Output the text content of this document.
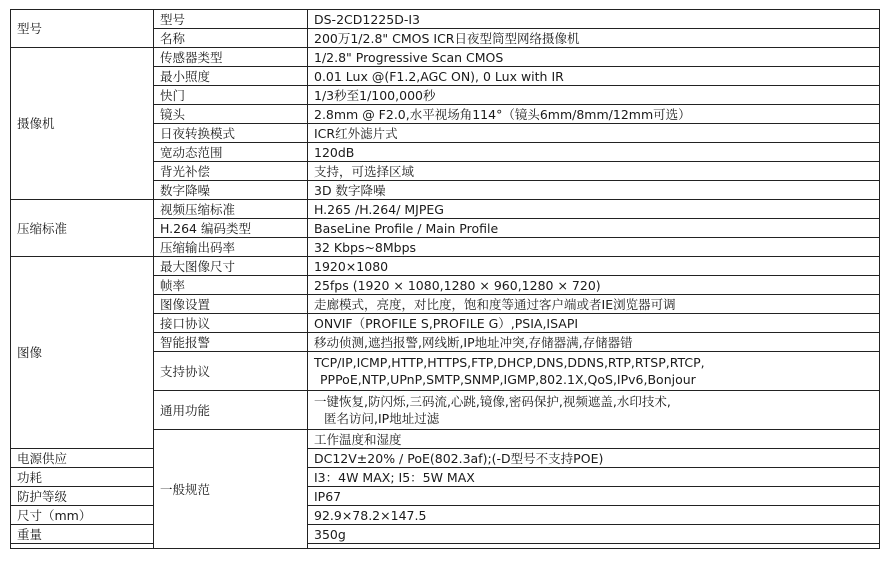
型号	型号	DS-2CD1225D-I3	
	名称	200万1/2.8" CMOS ICR日夜型筒型网络摄像机	
摄像机	传感器类型	1/2.8" Progressive Scan CMOS	
	最小照度	0.01 Lux @(F1.2,AGC ON), 0 Lux with IR	
	快门	1/3秒至1/100,000秒	
	镜头	2.8mm @ F2.0,水平视场角114°（镜头6mm/8mm/12mm可选）	
	日夜转换模式	ICR红外滤片式	
	宽动态范围	120dB	
	背光补偿	支持，可选择区域	
	数字降噪	3D 数字降噪	
压缩标准	视频压缩标准	H.265 /H.264/ MJPEG	
	H.264 编码类型	BaseLine Profile / Main Profile	
	压缩输出码率	32 Kbps~8Mbps	
图像	最大图像尺寸	1920×1080	
	帧率	25fps (1920 × 1080,1280 × 960,1280 × 720)	
	图像设置	走廊模式，亮度，对比度，饱和度等通过客户端或者IE浏览器可调	
	接口协议	ONVIF（PROFILE S,PROFILE G）,PSIA,ISAPI	
	智能报警	移动侦测,遮挡报警,网线断,IP地址冲突,存储器满,存储器错	
	支持协议	TCP/IP,ICMP,HTTP,HTTPS,FTP,DHCP,DNS,DDNS,RTP,RTSP,RTCP,
PPPoE,NTP,UPnP,SMTP,SNMP,IGMP,802.1X,QoS,IPv6,Bonjour	

	通用功能	一键恢复,防闪烁,三码流,心跳,镜像,密码保护,视频遮盖,水印技术,
匿名访问,IP地址过滤	

	一般规范	工作温度和湿度	
电源供应		DC12V±20% / PoE(802.3af);(-D型号不支持POE)	
功耗		I3：4W MAX; I5：5W MAX	
防护等级		IP67	
尺寸（mm）		92.9×78.2×147.5	
重量		350g	
